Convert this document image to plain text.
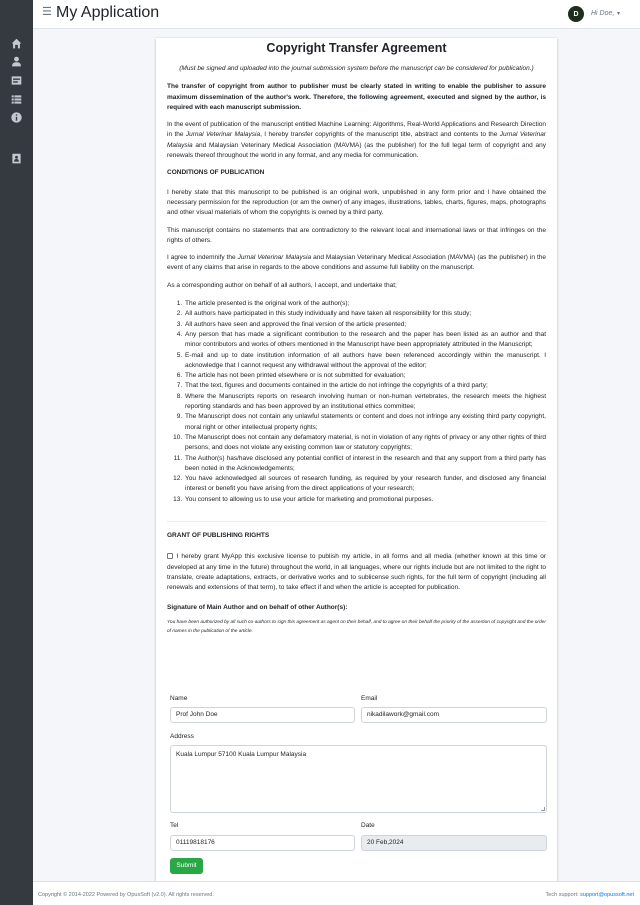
☰ My Application	D	Hi Doe, ▾
Copyright Transfer Agreement
(Must be signed and uploaded into the journal submission system before the manuscript can be considered for publication.)
The transfer of copyright from author to publisher must be clearly stated in writing to enable the publisher to assure maximum dissemination of the author's work. Therefore, the following agreement, executed and signed by the author, is required with each manuscript submission.
In the event of publication of the manuscript entitled Machine Learning: Algorithms, Real-World Applications and Research Direction in the Jurnal Veterinar Malaysia, I hereby transfer copyrights of the manuscript title, abstract and contents to the Jurnal Veterinar Malaysia and Malaysian Veterinary Medical Association (MAVMA) (as the publisher) for the full legal term of copyright and any renewals thereof throughout the world in any format, and any media for communication.
CONDITIONS OF PUBLICATION
I hereby state that this manuscript to be published is an original work, unpublished in any form prior and I have obtained the necessary permission for the reproduction (or am the owner) of any images, illustrations, tables, charts, figures, maps, photographs and other visual materials of whom the copyrights is owned by a third party.
This manuscript contains no statements that are contradictory to the relevant local and international laws or that infringes on the rights of others.
I agree to indemnify the Jurnal Veterinar Malaysia and Malaysian Veterinary Medical Association (MAVMA) (as the publisher) in the event of any claims that arise in regards to the above conditions and assume full liability on the manuscript.
As a corresponding author on behalf of all authors, I accept, and undertake that;
1. The article presented is the original work of the author(s);
2. All authors have participated in this study individually and have taken all responsibility for this study;
3. All authors have seen and approved the final version of the article presented;
4. Any person that has made a significant contribution to the research and the paper has been listed as an author and that minor contributors and works of others mentioned in the Manuscript have been appropriately attributed in the Manuscript;
5. E-mail and up to date institution information of all authors have been referenced accordingly within the manuscript. I acknowledge that I cannot request any withdrawal without the approval of the editor;
6. The article has not been printed elsewhere or is not submitted for evaluation;
7. That the text, figures and documents contained in the article do not infringe the copyrights of a third party;
8. Where the Manuscripts reports on research involving human or non-human vertebrates, the research meets the highest reporting standards and has been approved by an institutional ethics committee;
9. The Manuscript does not contain any unlawful statements or content and does not infringe any existing third party copyright, moral right or other intellectual property rights;
10. The Manuscript does not contain any defamatory material, is not in violation of any rights of privacy or any other rights of third persons, and does not violate any existing common law or statutory copyrights;
11. The Author(s) has/have disclosed any potential conflict of interest in the research and that any support from a third party has been noted in the Acknowledgements;
12. You have acknowledged all sources of research funding, as required by your research funder, and disclosed any financial interest or benefit you have arising from the direct applications of your research;
13. You consent to allowing us to use your article for marketing and promotional purposes.
GRANT OF PUBLISHING RIGHTS
I hereby grant MyApp this exclusive license to publish my article, in all forms and all media (whether known at this time or developed at any time in the future) throughout the world, in all languages, where our rights include but are not limited to the right to translate, create adaptations, extracts, or derivative works and to sublicense such rights, for the full term of copyright (including all renewals and extensions of that term), to take effect if and when the article is accepted for publication.
Signature of Main Author and on behalf of other Author(s):
You have been authorized by all such co-authors to sign this agreement as agent on their behalf, and to agree on their behalf the priority of the assertion of copyright and the order of names in the publication of the article.
Name
Prof John Doe
Email
nikadilawork@gmail.com
Address
Kuala Lumpur 57100 Kuala Lumpur Malaysia
Tel
01119818176
Date
20 Feb,2024
Submit
Copyright © 2014-2022 Powered by OpusSoft (v2.0). All rights reserved.	Tech support: support@opussoft.net
